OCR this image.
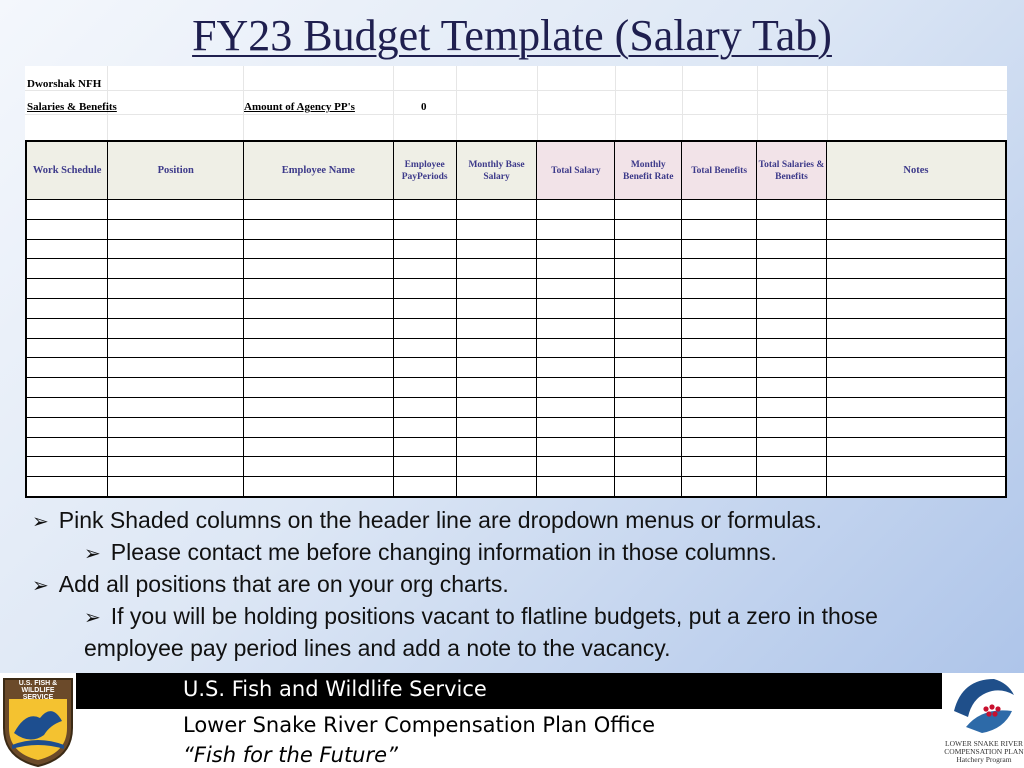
FY23 Budget Template (Salary Tab)
Dworshak NFH
Salaries & Benefits	Amount of Agency PP's	0
Work Schedule	Position	Employee Name	Employee PayPeriods	Monthly Base Salary	Total Salary	Monthly Benefit Rate	Total Benefits	Total Salaries & Benefits	Notes

➢ Pink Shaded columns on the header line are dropdown menus or formulas.
➢ Please contact me before changing information in those columns.
➢ Add all positions that are on your org charts.
➢ If you will be holding positions vacant to flatline budgets, put a zero in those
employee pay period lines and add a note to the vacancy.
U.S. Fish and Wildlife Service
Lower Snake River Compensation Plan Office
“Fish for the Future”
U.S. FISH & WILDLIFE SERVICE
LOWER SNAKE RIVER COMPENSATION PLAN Hatchery Program
